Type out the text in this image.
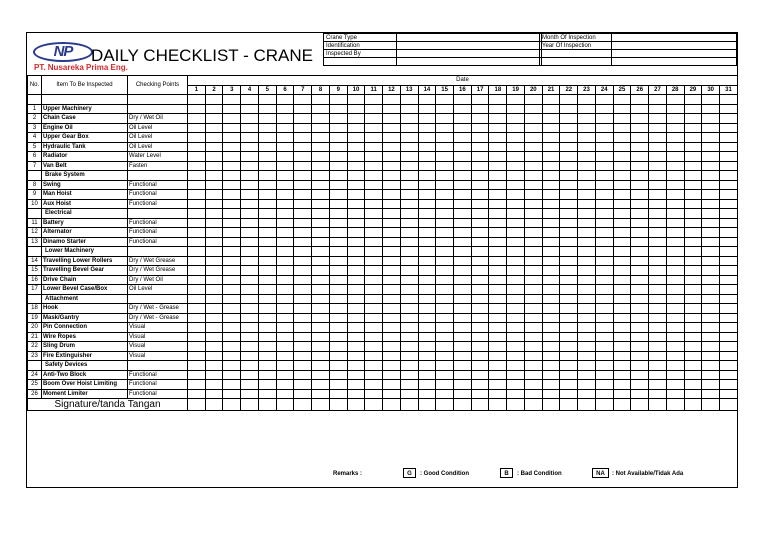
NP	DAILY CHECKLIST - CRANE
PT. Nusareka Prima Eng.
Crane Type	
Identification	
Inspected By	

Month Of Inspection	
Year Of Inspection	

No.	Item To Be Inspected	Checking Points	Date																														
			1	2	3	4	5	6	7	8	9	10	11	12	13	14	15	16	17	18	19	20	21	22	23	24	25	26	27	28	29	30	31

1	Upper Machinery																																
2	Chain Case	Dry / Wet Oil																															
3	Engine Oil	Oil Level																															
4	Upper Gear Box	Oil Level																															
5	Hydraulic Tank	Oil Level																															
6	Radiator	Water Level																															
7	Van Belt	Fasten																															
	Brake System																																
8	Swing	Functional																															
9	Man Hoist	Functional																															
10	Aux Hoist	Functional																															
	Electrical																																
11	Battery	Functional																															
12	Alternator	Functional																															
13	Dinamo Starter	Functional																															
	Lower Machinery																																
14	Travelling Lower Rollers	Dry / Wet Grease																															
15	Travelling Bevel Gear	Dry / Wet Grease																															
16	Drive Chain	Dry / Wet Oil																															
17	Lower Bevel Case/Box	Oil Level																															
	Attachment																																
18	Hook	Dry / Wet - Grease																															
19	Mask/Gantry	Dry / Wet - Grease																															
20	Pin Connection	Visual																															
21	Wire Ropes	Visual																															
22	Sling Drum	Visual																															
23	Fire Extinguisher	Visual																															
	Safety Devices																																
24	Anti-Two Block	Functional																															
25	Boom Over Hoist Limiting	Functional																															
26	Moment Limiter	Functional																															
Signature/tanda Tangan																																	
Remarks :	G	: Good Condition	B	: Bad Condition	NA	: Not Available/Tidak Ada
